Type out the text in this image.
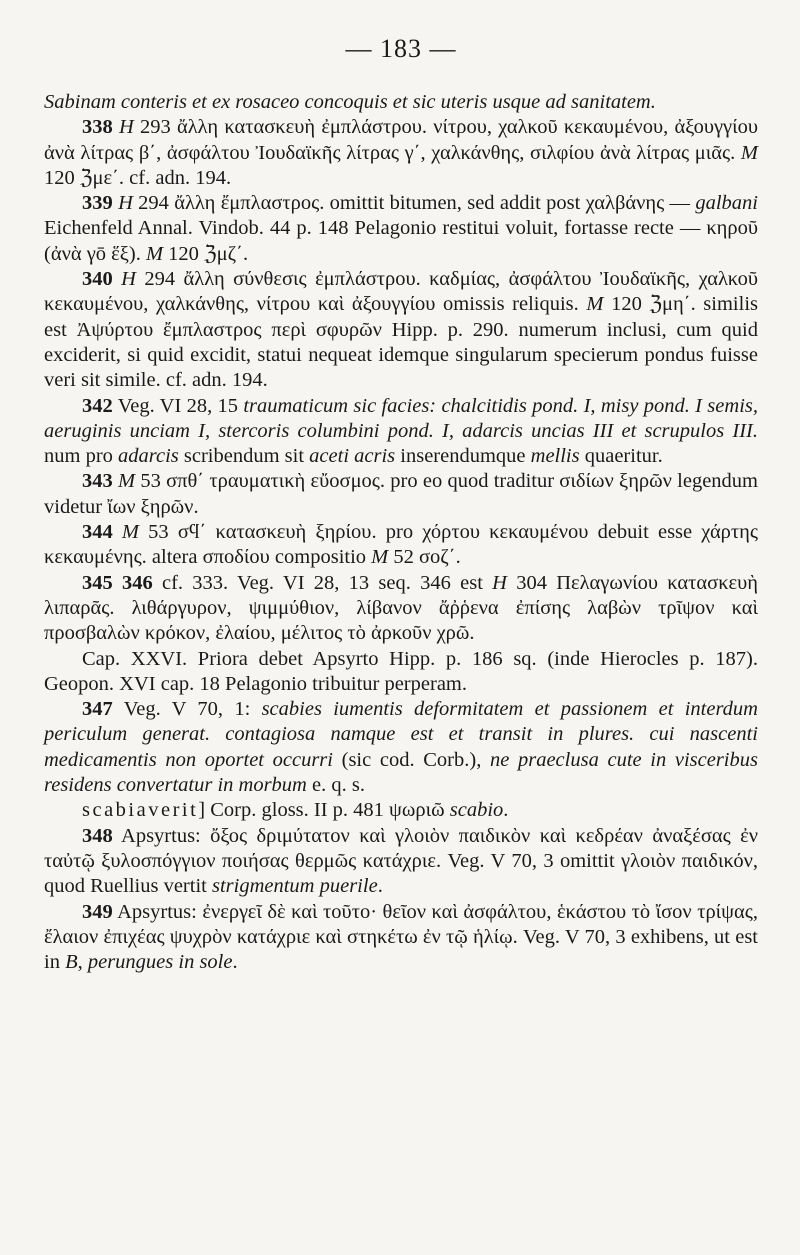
— 183 —

Sabinam conteris et ex rosaceo concoquis et sic uteris usque ad sanitatem.

338 H 293 ἄλλη κατασκευὴ ἐμπλάστρου. νίτρου, χαλκοῦ κεκαυμένου, ἀξουγγίου ἀνὰ λίτρας β΄, ἀσφάλτου Ἰουδαϊκῆς λίτρας γ΄, χαλκάνθης, σιλφίου ἀνὰ λίτρας μιᾶς. M 120 ℨμε΄. cf. adn. 194.

339 H 294 ἄλλη ἔμπλαστρος. omittit bitumen, sed addit post χαλβάνης — galbani Eichenfeld Annal. Vindob. 44 p. 148 Pelagonio restitui voluit, fortasse recte — κηροῦ (ἀνὰ γō ἕξ). M 120 ℨμζ΄.

340 H 294 ἄλλη σύνθεσις ἐμπλάστρου. καδμίας, ἀσφάλτου Ἰουδαϊκῆς, χαλκοῦ κεκαυμένου, χαλκάνθης, νίτρου καὶ ἀξουγγίου omissis reliquis. M 120 ℨμη΄. similis est Ἀψύρτου ἔμπλαστρος περὶ σφυρῶν Hipp. p. 290. numerum inclusi, cum quid exciderit, si quid excidit, statui nequeat idemque singularum specierum pondus fuisse veri sit simile. cf. adn. 194.

342 Veg. VI 28, 15 traumaticum sic facies: chalcitidis pond. I, misy pond. I semis, aeruginis unciam I, stercoris columbini pond. I, adarcis uncias III et scrupulos III. num pro adarcis scribendum sit aceti acris inserendumque mellis quaeritur.

343 M 53 σπθ΄ τραυματικὴ εὔοσμος. pro eo quod traditur σιδίων ξηρῶν legendum videtur ἴων ξηρῶν.

344 M 53 σϥ΄ κατασκευὴ ξηρίου. pro χόρτου κεκαυμένου debuit esse χάρτης κεκαυμένης. altera σποδίου compositio M 52 σοζ΄.

345 346 cf. 333. Veg. VI 28, 13 seq. 346 est H 304 Πελαγωνίου κατασκευὴ λιπαρᾶς. λιθάργυρον, ψιμμύθιον, λίβανον ἄῤῥενα ἐπίσης λαβὼν τρῖψον καὶ προσβαλὼν κρόκον, ἐλαίου, μέλιτος τὸ ἀρκοῦν χρῶ.

Cap. XXVI. Priora debet Apsyrto Hipp. p. 186 sq. (inde Hierocles p. 187). Geopon. XVI cap. 18 Pelagonio tribuitur perperam.

347 Veg. V 70, 1: scabies iumentis deformitatem et passionem et interdum periculum generat. contagiosa namque est et transit in plures. cui nascenti medicamentis non oportet occurri (sic cod. Corb.), ne praeclusa cute in visceribus residens convertatur in morbum e. q. s.

scabiaverit] Corp. gloss. II p. 481 ψωριῶ scabio.

348 Apsyrtus: ὄξος δριμύτατον καὶ γλοιὸν παιδικὸν καὶ κεδρέαν ἀναξέσας ἐν ταὐτῷ ξυλοσπόγγιον ποιήσας θερμῶς κατάχριε. Veg. V 70, 3 omittit γλοιὸν παιδικόν, quod Ruellius vertit strigmentum puerile.

349 Apsyrtus: ἐνεργεῖ δὲ καὶ τοῦτο· θεῖον καὶ ἀσφάλτου, ἑκάστου τὸ ἴσον τρίψας, ἔλαιον ἐπιχέας ψυχρὸν κατάχριε καὶ στηκέτω ἐν τῷ ἡλίῳ. Veg. V 70, 3 exhibens, ut est in B, perungues in sole.
